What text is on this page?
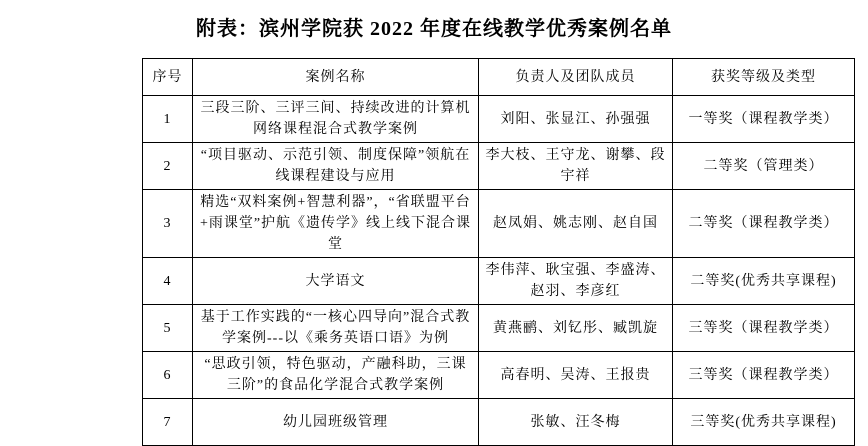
附表：滨州学院获 2022 年度在线教学优秀案例名单
序号	案例名称	负责人及团队成员	获奖等级及类型
1	三段三阶、三评三间、持续改进的计算机网络课程混合式教学案例	刘阳、张显江、孙强强	一等奖（课程教学类）
2	“项目驱动、示范引领、制度保障”领航在线课程建设与应用	李大枝、王守龙、谢攀、段宇祥	二等奖（管理类）
3	精选“双料案例+智慧利器”，“省联盟平台+雨课堂”护航《遗传学》线上线下混合课堂	赵凤娟、姚志刚、赵自国	二等奖（课程教学类）
4	大学语文	李伟萍、耿宝强、李盛涛、赵羽、李彦红	二等奖(优秀共享课程)
5	基于工作实践的“一核心四导向”混合式教学案例---以《乘务英语口语》为例	黄燕鹂、刘钇彤、臧凯旋	三等奖（课程教学类）
6	“思政引领，特色驱动，产融科助，三课三阶”的食品化学混合式教学案例	高春明、吴涛、王报贵	三等奖（课程教学类）
7	幼儿园班级管理	张敏、汪冬梅	三等奖(优秀共享课程)
